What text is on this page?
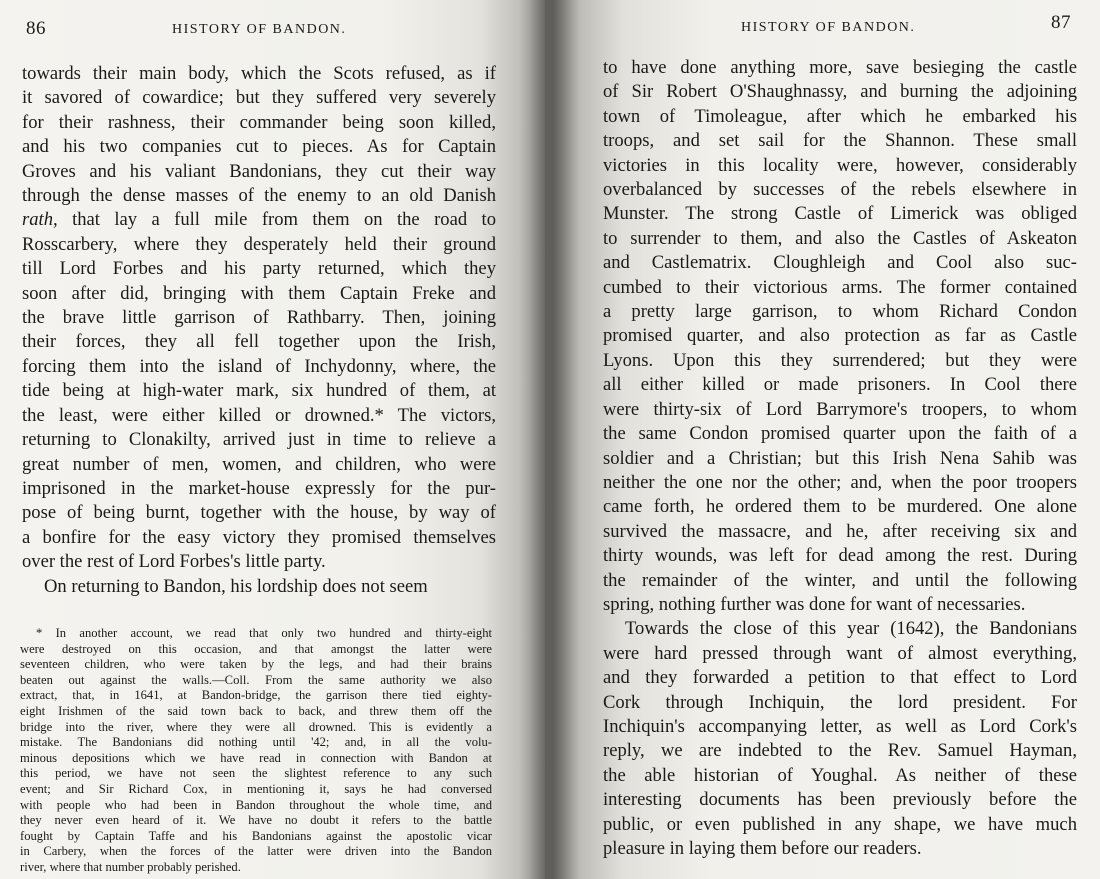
86	HISTORY OF BANDON.
towards their main body, which the Scots refused, as if
it savored of cowardice; but they suffered very severely
for their rashness, their commander being soon killed,
and his two companies cut to pieces. As for Captain
Groves and his valiant Bandonians, they cut their way
through the dense masses of the enemy to an old Danish
rath, that lay a full mile from them on the road to
Rosscarbery, where they desperately held their ground
till Lord Forbes and his party returned, which they
soon after did, bringing with them Captain Freke and
the brave little garrison of Rathbarry. Then, joining
their forces, they all fell together upon the Irish,
forcing them into the island of Inchydonny, where, the
tide being at high-water mark, six hundred of them, at
the least, were either killed or drowned.* The victors,
returning to Clonakilty, arrived just in time to relieve a
great number of men, women, and children, who were
imprisoned in the market-house expressly for the pur-
pose of being burnt, together with the house, by way of
a bonfire for the easy victory they promised themselves
over the rest of Lord Forbes's little party.
On returning to Bandon, his lordship does not seem
* In another account, we read that only two hundred and thirty-eight
were destroyed on this occasion, and that amongst the latter were
seventeen children, who were taken by the legs, and had their brains
beaten out against the walls.—Coll. From the same authority we also
extract, that, in 1641, at Bandon-bridge, the garrison there tied eighty-
eight Irishmen of the said town back to back, and threw them off the
bridge into the river, where they were all drowned. This is evidently a
mistake. The Bandonians did nothing until '42; and, in all the volu-
minous depositions which we have read in connection with Bandon at
this period, we have not seen the slightest reference to any such
event; and Sir Richard Cox, in mentioning it, says he had conversed
with people who had been in Bandon throughout the whole time, and
they never even heard of it. We have no doubt it refers to the battle
fought by Captain Taffe and his Bandonians against the apostolic vicar
in Carbery, when the forces of the latter were driven into the Bandon
river, where that number probably perished.
HISTORY OF BANDON.	87
to have done anything more, save besieging the castle
of Sir Robert O'Shaughnassy, and burning the adjoining
town of Timoleague, after which he embarked his
troops, and set sail for the Shannon. These small
victories in this locality were, however, considerably
overbalanced by successes of the rebels elsewhere in
Munster. The strong Castle of Limerick was obliged
to surrender to them, and also the Castles of Askeaton
and Castlematrix. Cloughleigh and Cool also suc-
cumbed to their victorious arms. The former contained
a pretty large garrison, to whom Richard Condon
promised quarter, and also protection as far as Castle
Lyons. Upon this they surrendered; but they were
all either killed or made prisoners. In Cool there
were thirty-six of Lord Barrymore's troopers, to whom
the same Condon promised quarter upon the faith of a
soldier and a Christian; but this Irish Nena Sahib was
neither the one nor the other; and, when the poor troopers
came forth, he ordered them to be murdered. One alone
survived the massacre, and he, after receiving six and
thirty wounds, was left for dead among the rest. During
the remainder of the winter, and until the following
spring, nothing further was done for want of necessaries.
Towards the close of this year (1642), the Bandonians
were hard pressed through want of almost everything,
and they forwarded a petition to that effect to Lord
Cork through Inchiquin, the lord president. For
Inchiquin's accompanying letter, as well as Lord Cork's
reply, we are indebted to the Rev. Samuel Hayman,
the able historian of Youghal. As neither of these
interesting documents has been previously before the
public, or even published in any shape, we have much
pleasure in laying them before our readers.
